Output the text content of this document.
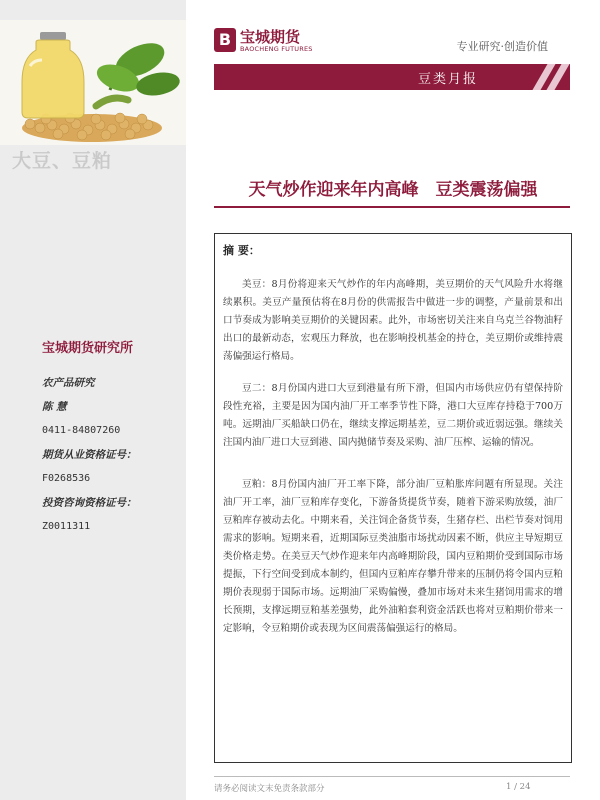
大豆、豆粕
宝城期货研究所
农产品研究
陈 慧
0411-84807260
期货从业资格证号：
F0268536
投资咨询资格证号：
Z0011311
B 宝城期货
BAOCHENG FUTURES	专业研究·创造价值
豆类月报
天气炒作迎来年内高峰　豆类震荡偏强
摘 要：

美豆：8月份将迎来天气炒作的年内高峰期，美豆期价的天气风险升水将继续累积。美豆产量预估将在8月份的供需报告中做进一步的调整，产量前景和出口节奏成为影响美豆期价的关键因素。此外，市场密切关注来自乌克兰谷物油籽出口的最新动态，宏观压力释放，也在影响投机基金的持仓，美豆期价或维持震荡偏强运行格局。

豆二：8月份国内进口大豆到港量有所下滑，但国内市场供应仍有望保持阶段性充裕，主要是因为国内油厂开工率季节性下降，港口大豆库存持稳于700万吨。远期油厂买船缺口仍在，继续支撑远期基差，豆二期价或近弱远强。继续关注国内油厂进口大豆到港、国内抛储节奏及采购、油厂压榨、运输的情况。

豆粕：8月份国内油厂开工率下降，部分油厂豆粕胀库问题有所显现。关注油厂开工率，油厂豆粕库存变化，下游备货提货节奏，随着下游采购放缓，油厂豆粕库存被动去化。中期来看，关注饲企备货节奏，生猪存栏、出栏节奏对饲用需求的影响。短期来看，近期国际豆类油脂市场扰动因素不断，供应主导短期豆类价格走势。在美豆天气炒作迎来年内高峰期阶段，国内豆粕期价受到国际市场提振，下行空间受到成本制约，但国内豆粕库存攀升带来的压制仍将令国内豆粕期价表现弱于国际市场。远期油厂采购偏慢，叠加市场对未来生猪饲用需求的增长预期，支撑远期豆粕基差强势，此外油粕套利资金活跃也将对豆粕期价带来一定影响，令豆粕期价或表现为区间震荡偏强运行的格局。

请务必阅读文末免责条款部分	1 / 24
